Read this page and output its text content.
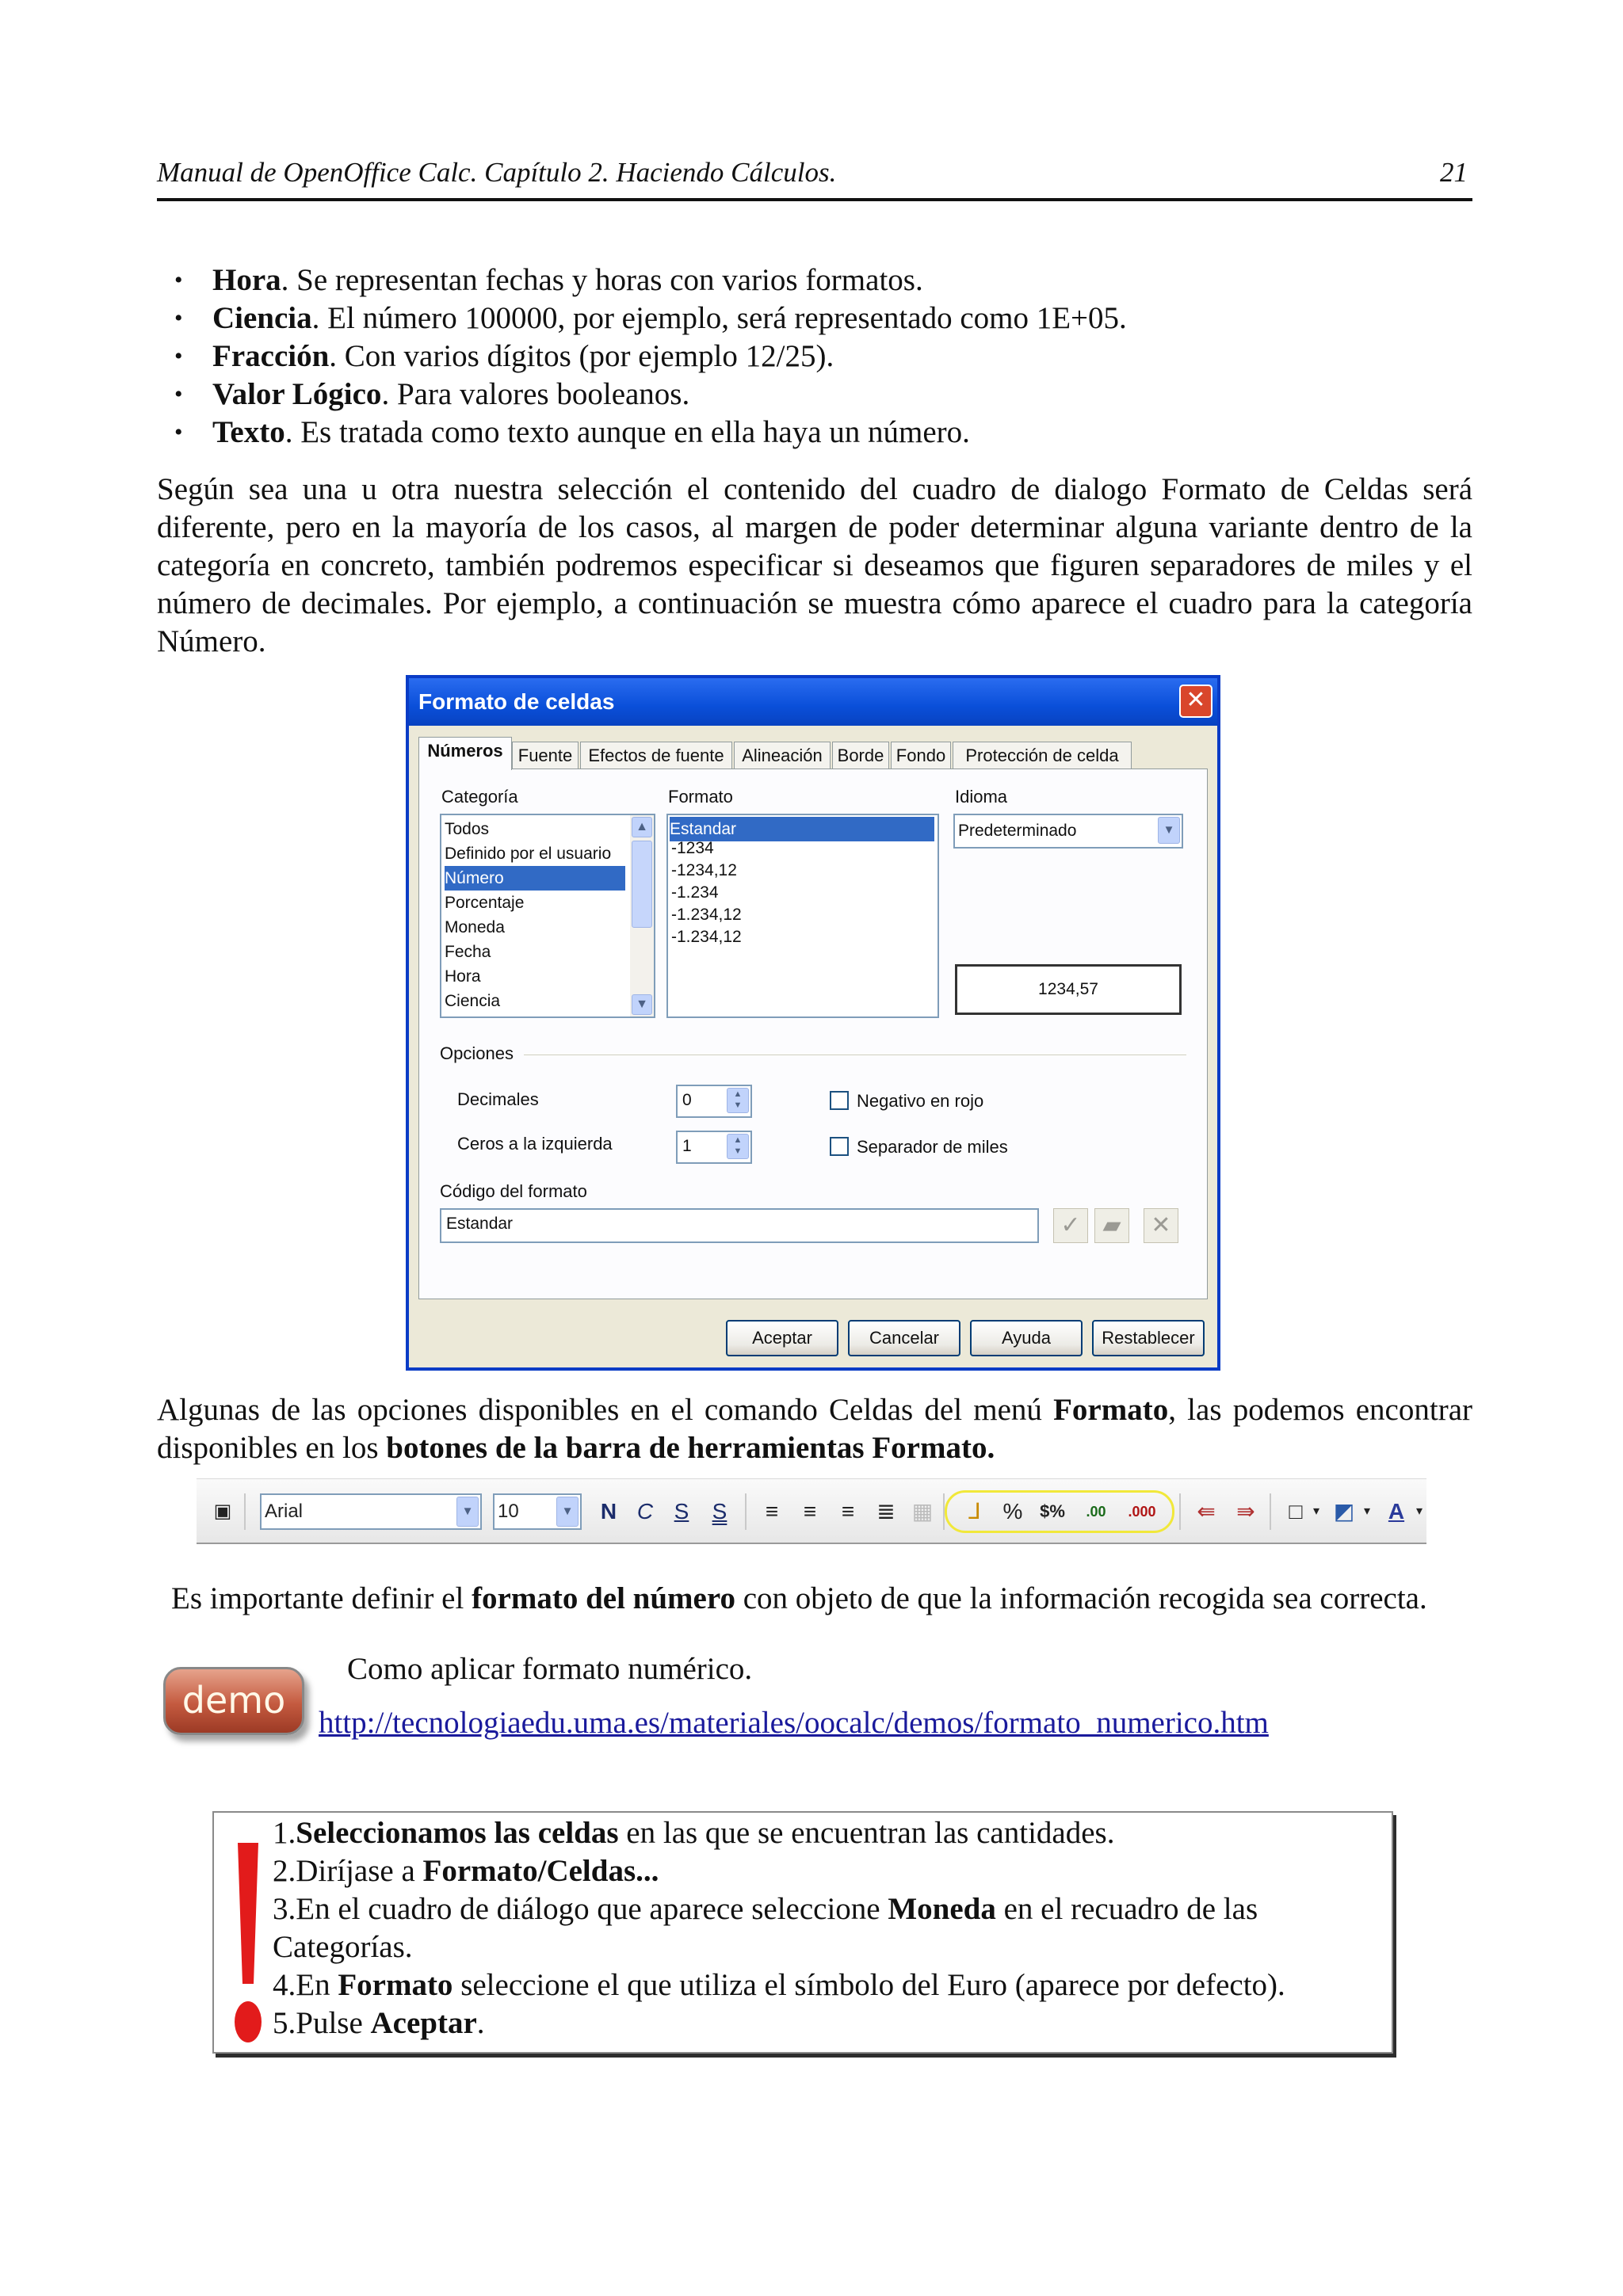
Manual de OpenOffice Calc. Capítulo 2. Haciendo Cálculos.	21
• Hora. Se representan fechas y horas con varios formatos.
• Ciencia. El número 100000, por ejemplo, será representado como 1E+05.
• Fracción. Con varios dígitos (por ejemplo 12/25).
• Valor Lógico. Para valores booleanos.
• Texto. Es tratada como texto aunque en ella haya un número.

Según sea una u otra nuestra selección el contenido del cuadro de dialogo Formato de Celdas será diferente, pero en la mayoría de los casos, al margen de poder determinar alguna variante dentro de la categoría en concreto, también podremos especificar si deseamos que figuren separadores de miles y el número de decimales. Por ejemplo, a continuación se muestra cómo aparece el cuadro para la categoría Número.

Formato de celdas	✕
Números Fuente Efectos de fuente	Alineación Borde Fondo	Protección de celda
Categoría
Todos
Definido por el usuario
Número
Porcentaje
Moneda
Fecha
Hora
Ciencia
▲
▼
Formato
Estandar
-1234
-1234,12
-1.234
-1.234,12
-1.234,12
Idioma
Predeterminado	▼
1234,57
Opciones
Decimales	0	▲
▼	Negativo en rojo
Ceros a la izquierda	1	▲
▼	Separador de miles
Código del formato
Estandar	✓ ▰	✕
Aceptar	Cancelar	Ayuda	Restablecer

Algunas de las opciones disponibles en el comando Celdas del menú Formato, las podemos encontrar disponibles en los botones de la barra de herramientas Formato.

▣ Arial	▼ 10	▼ N C S	S	≡	≡	≡	≣ ▦	⅃ % $%	.00	.000	⇚ ⇛	□ ▾ ◩ ▾ A ▾

Es importante definir el formato del número con objeto de que la información recogida sea correcta.

demo
Como aplicar formato numérico.
http://tecnologiaedu.uma.es/materiales/oocalc/demos/formato_numerico.htm
1.Seleccionamos las celdas en las que se encuentran las cantidades.
2.Diríjase a Formato/Celdas...
3.En el cuadro de diálogo que aparece seleccione Moneda en el recuadro de las
Categorías.
4.En Formato seleccione el que utiliza el símbolo del Euro (aparece por defecto).
5.Pulse Aceptar.
